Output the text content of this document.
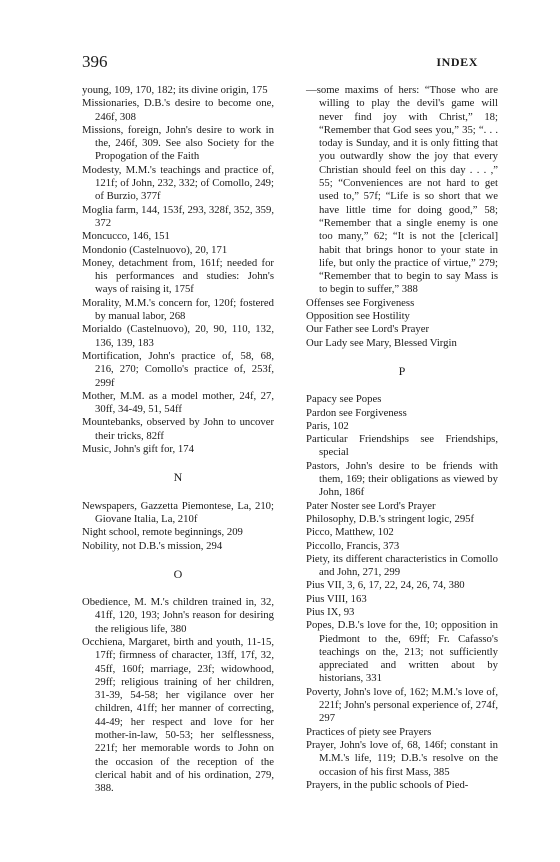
396	INDEX

young, 109, 170, 182; its divine origin, 175

Missionaries, D.B.'s desire to become one, 246f, 308

Missions, foreign, John's desire to work in the, 246f, 309. See also Society for the Propogation of the Faith

Modesty, M.M.'s teachings and practice of, 121f; of John, 232, 332; of Comollo, 249; of Burzio, 377f

Moglia farm, 144, 153f, 293, 328f, 352, 359, 372

Moncucco, 146, 151

Mondonio (Castelnuovo), 20, 171

Money, detachment from, 161f; needed for his performances and studies: John's ways of raising it, 175f

Morality, M.M.'s concern for, 120f; fostered by manual labor, 268

Morialdo (Castelnuovo), 20, 90, 110, 132, 136, 139, 183

Mortification, John's practice of, 58, 68, 216, 270; Comollo's practice of, 253f, 299f

Mother, M.M. as a model mother, 24f, 27, 30ff, 34-49, 51, 54ff

Mountebanks, observed by John to uncover their tricks, 82ff

Music, John's gift for, 174

N

Newspapers, Gazzetta Piemontese, La, 210; Giovane Italia, La, 210f

Night school, remote beginnings, 209

Nobility, not D.B.'s mission, 294

O

Obedience, M. M.'s children trained in, 32, 41ff, 120, 193; John's reason for desiring the religious life, 380

Occhiena, Margaret, birth and youth, 11-15, 17ff; firmness of character, 13ff, 17f, 32, 45ff, 160f; marriage, 23f; widowhood, 29ff; religious training of her children, 31-39, 54-58; her vigilance over her children, 41ff; her manner of correcting, 44-49; her respect and love for her mother-in-law, 50-53; her selflessness, 221f; her memorable words to John on the occasion of the reception of the clerical habit and of his ordination, 279, 388.

—some maxims of hers: “Those who are willing to play the devil's game will never find joy with Christ,” 18; “Remember that God sees you,” 35; “. . . today is Sunday, and it is only fitting that you outwardly show the joy that every Christian should feel on this day . . . ,” 55; “Conveniences are not hard to get used to,” 57f; “Life is so short that we have little time for doing good,” 58; “Remember that a single enemy is one too many,” 62; “It is not the [clerical] habit that brings honor to your state in life, but only the practice of virtue,” 279; “Remember that to begin to say Mass is to begin to suffer,” 388

Offenses see Forgiveness

Opposition see Hostility

Our Father see Lord's Prayer

Our Lady see Mary, Blessed Virgin

P

Papacy see Popes

Pardon see Forgiveness

Paris, 102

Particular Friendships see Friendships, special

Pastors, John's desire to be friends with them, 169; their obligations as viewed by John, 186f

Pater Noster see Lord's Prayer

Philosophy, D.B.'s stringent logic, 295f

Picco, Matthew, 102

Piccollo, Francis, 373

Piety, its different characteristics in Comollo and John, 271, 299

Pius VII, 3, 6, 17, 22, 24, 26, 74, 380

Pius VIII, 163

Pius IX, 93

Popes, D.B.'s love for the, 10; opposition in Piedmont to the, 69ff; Fr. Cafasso's teachings on the, 213; not sufficiently appreciated and written about by historians, 331

Poverty, John's love of, 162; M.M.'s love of, 221f; John's personal experience of, 274f, 297

Practices of piety see Prayers

Prayer, John's love of, 68, 146f; constant in M.M.'s life, 119; D.B.'s resolve on the occasion of his first Mass, 385

Prayers, in the public schools of Pied-
